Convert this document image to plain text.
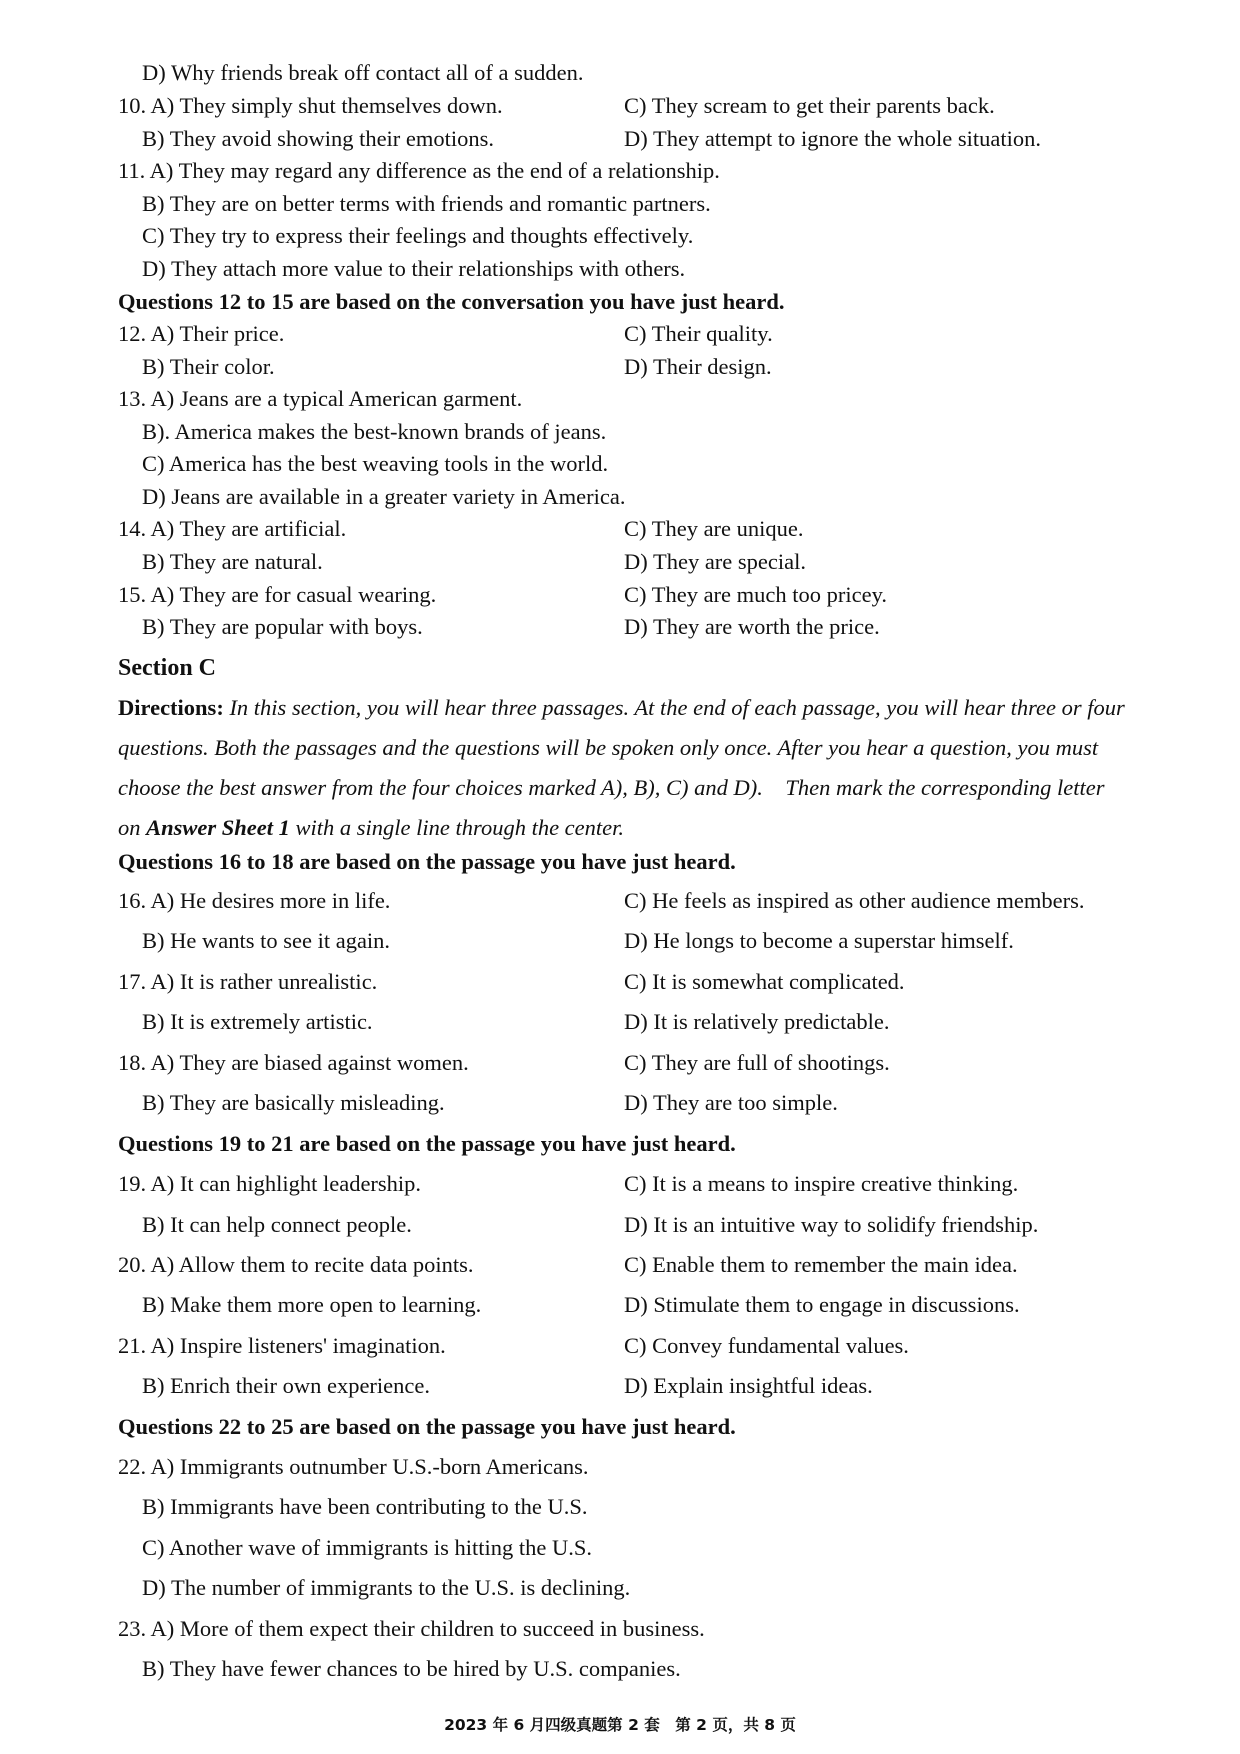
D) Why friends break off contact all of a sudden.
10. A) They simply shut themselves down.	C) They scream to get their parents back.
B) They avoid showing their emotions.	D) They attempt to ignore the whole situation.
11. A) They may regard any difference as the end of a relationship.
B) They are on better terms with friends and romantic partners.
C) They try to express their feelings and thoughts effectively.
D) They attach more value to their relationships with others.
Questions 12 to 15 are based on the conversation you have just heard.
12. A) Their price.	C) Their quality.
B) Their color.	D) Their design.
13. A) Jeans are a typical American garment.
B). America makes the best-known brands of jeans.
C) America has the best weaving tools in the world.
D) Jeans are available in a greater variety in America.
14. A) They are artificial.	C) They are unique.
B) They are natural.	D) They are special.
15. A) They are for casual wearing.	C) They are much too pricey.
B) They are popular with boys.	D) They are worth the price.
Section C
Directions: In this section, you will hear three passages. At the end of each passage, you will hear three or four questions. Both the passages and the questions will be spoken only once. After you hear a question, you must choose the best answer from the four choices marked A), B), C) and D). Then mark the corresponding letter on Answer Sheet 1 with a single line through the center.
Questions 16 to 18 are based on the passage you have just heard.
16. A) He desires more in life.	C) He feels as inspired as other audience members.
B) He wants to see it again.	D) He longs to become a superstar himself.
17. A) It is rather unrealistic.	C) It is somewhat complicated.
B) It is extremely artistic.	D) It is relatively predictable.
18. A) They are biased against women.	C) They are full of shootings.
B) They are basically misleading.	D) They are too simple.
Questions 19 to 21 are based on the passage you have just heard.
19. A) It can highlight leadership.	C) It is a means to inspire creative thinking.
B) It can help connect people.	D) It is an intuitive way to solidify friendship.
20. A) Allow them to recite data points.	C) Enable them to remember the main idea.
B) Make them more open to learning.	D) Stimulate them to engage in discussions.
21. A) Inspire listeners' imagination.	C) Convey fundamental values.
B) Enrich their own experience.	D) Explain insightful ideas.
Questions 22 to 25 are based on the passage you have just heard.
22. A) Immigrants outnumber U.S.-born Americans.
B) Immigrants have been contributing to the U.S.
C) Another wave of immigrants is hitting the U.S.
D) The number of immigrants to the U.S. is declining.
23. A) More of them expect their children to succeed in business.
B) They have fewer chances to be hired by U.S. companies.
2023 年 6 月四级真题第 2 套 第 2 页，共 8 页
